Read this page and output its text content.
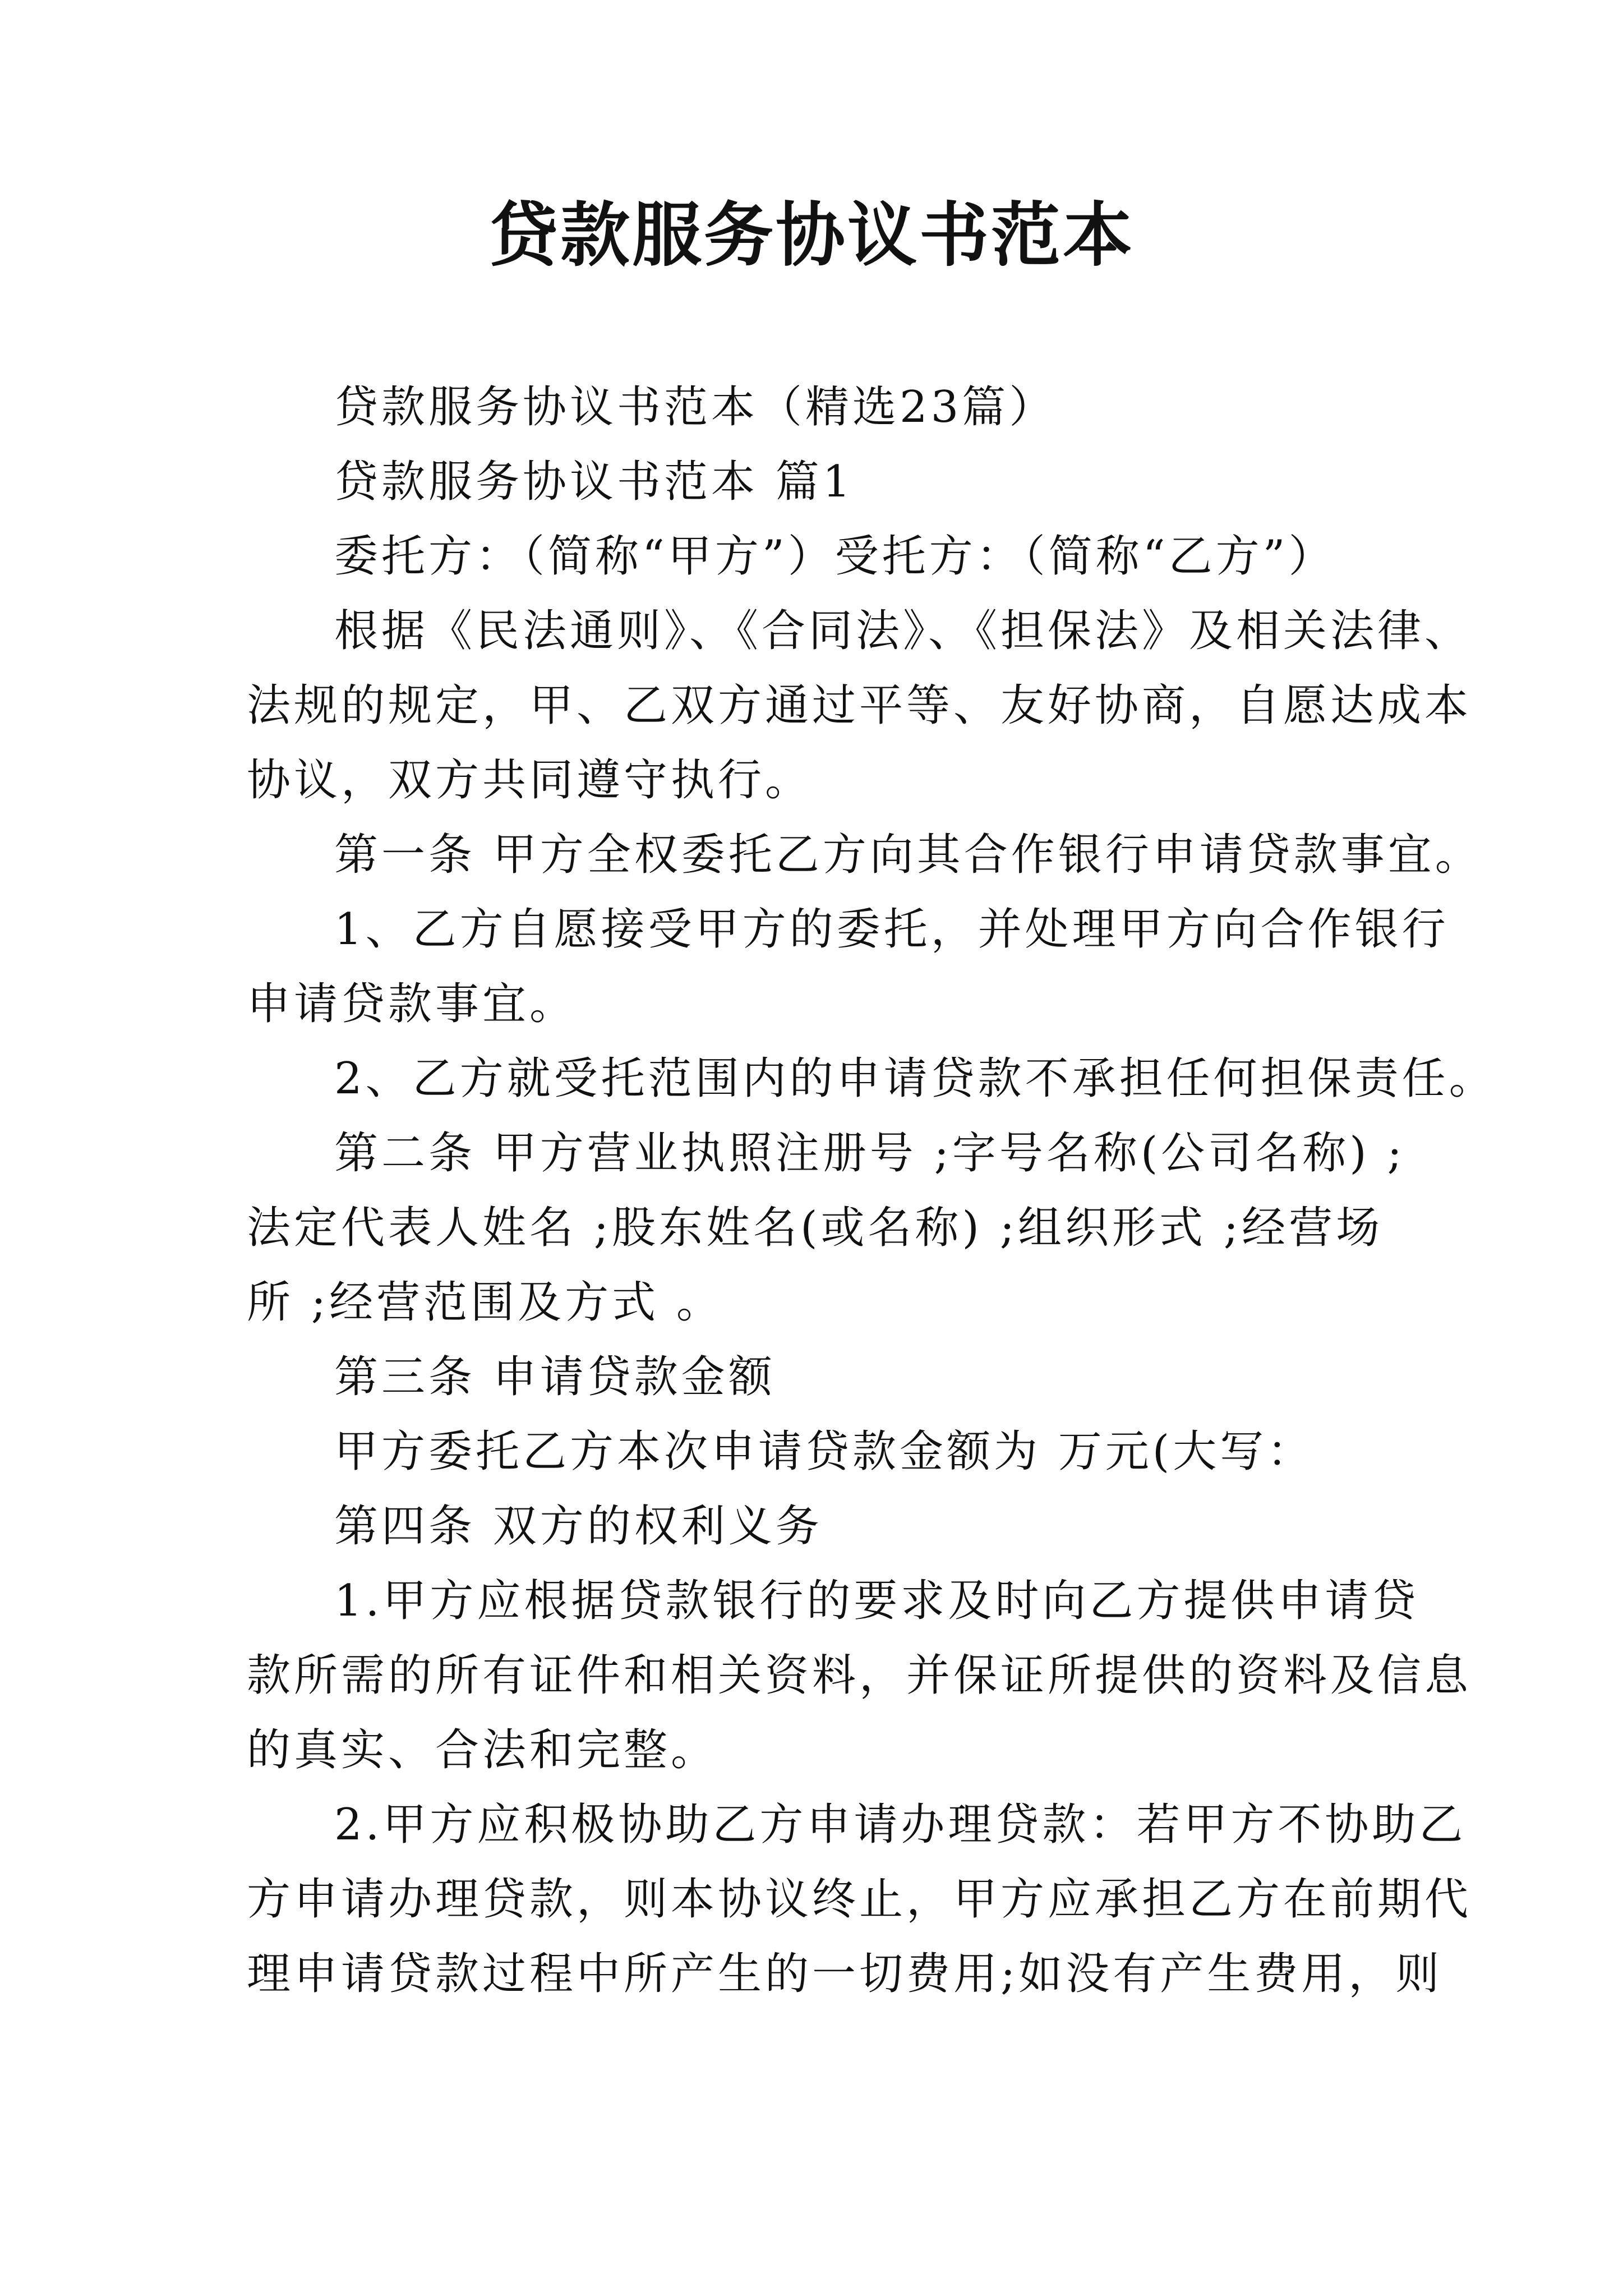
贷款服务协议书范本

贷款服务协议书范本（精选23篇）

贷款服务协议书范本 篇1

委托方：（简称“甲方”）受托方：（简称“乙方”）

根据《民法通则》、《合同法》、《担保法》及相关法律、
法规的规定，甲、乙双方通过平等、友好协商，自愿达成本
协议，双方共同遵守执行。

第一条 甲方全权委托乙方向其合作银行申请贷款事宜。

1、乙方自愿接受甲方的委托，并处理甲方向合作银行
申请贷款事宜。

2、乙方就受托范围内的申请贷款不承担任何担保责任。

第二条 甲方营业执照注册号 ;字号名称(公司名称) ;
法定代表人姓名 ;股东姓名(或名称) ;组织形式 ;经营场
所 ;经营范围及方式 。

第三条 申请贷款金额

甲方委托乙方本次申请贷款金额为 万元(大写：

第四条 双方的权利义务

1.甲方应根据贷款银行的要求及时向乙方提供申请贷
款所需的所有证件和相关资料，并保证所提供的资料及信息
的真实、合法和完整。

2.甲方应积极协助乙方申请办理贷款：若甲方不协助乙
方申请办理贷款，则本协议终止，甲方应承担乙方在前期代
理申请贷款过程中所产生的一切费用;如没有产生费用，则
